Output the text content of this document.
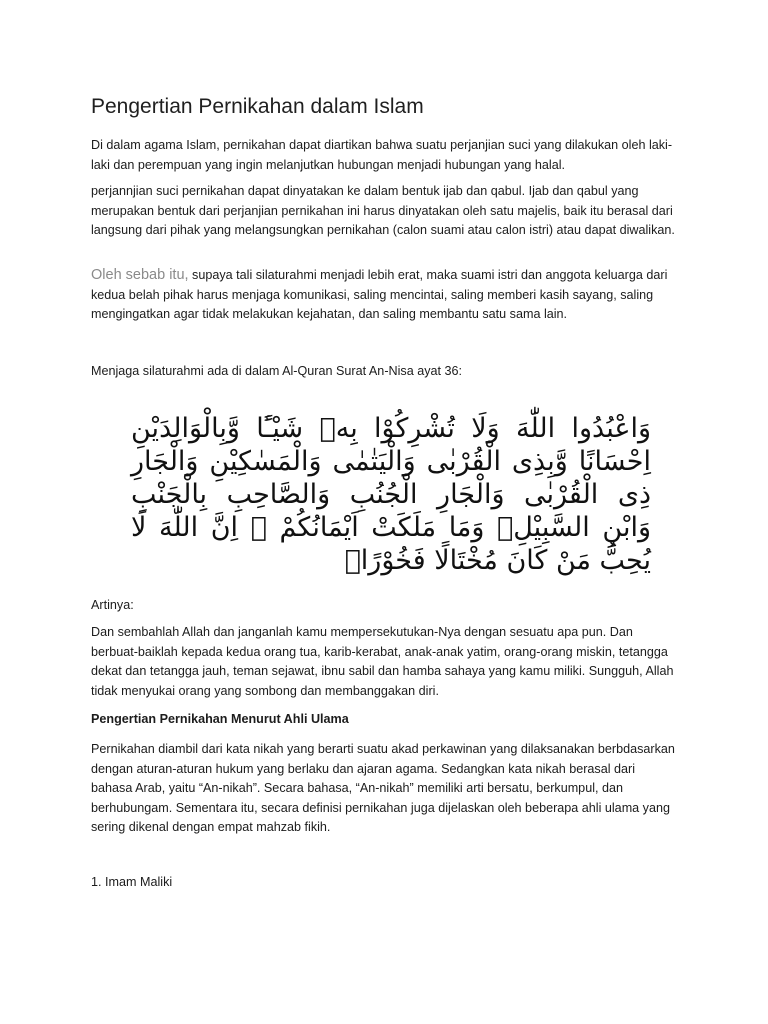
Pengertian Pernikahan dalam Islam
Di dalam agama Islam, pernikahan dapat diartikan bahwa suatu perjanjian suci yang dilakukan oleh laki-laki dan perempuan yang ingin melanjutkan hubungan menjadi hubungan yang halal.
perjannjian suci pernikahan dapat dinyatakan ke dalam bentuk ijab dan qabul. Ijab dan qabul yang merupakan bentuk dari perjanjian pernikahan ini harus dinyatakan oleh satu majelis, baik itu berasal dari langsung dari pihak yang melangsungkan pernikahan (calon suami atau calon istri) atau dapat diwalikan.
Oleh sebab itu, supaya tali silaturahmi menjadi lebih erat, maka suami istri dan anggota keluarga dari kedua belah pihak harus menjaga komunikasi, saling mencintai, saling memberi kasih sayang, saling mengingatkan agar tidak melakukan kejahatan, dan saling membantu satu sama lain.
Menjaga silaturahmi ada di dalam Al-Quran Surat An-Nisa ayat 36:
وَاعْبُدُوا اللّٰهَ وَلَا تُشْرِكُوْا بِهٖ شَيْـًٔا وَّبِالْوَالِدَيْنِ اِحْسَانًا وَّبِذِى الْقُرْبٰى وَالْيَتٰمٰى وَالْمَسٰكِيْنِ وَالْجَارِ ذِى الْقُرْبٰى وَالْجَارِ الْجُنُبِ وَالصَّاحِبِ بِالْجَنْبِ وَابْنِ السَّبِيْلِۙ وَمَا مَلَكَتْ اَيْمَانُكُمْ ۗ اِنَّ اللّٰهَ لَا يُحِبُّ مَنْ كَانَ مُخْتَالًا فَخُوْرًاۙ
Artinya:
Dan sembahlah Allah dan janganlah kamu mempersekutukan-Nya dengan sesuatu apa pun. Dan berbuat-baiklah kepada kedua orang tua, karib-kerabat, anak-anak yatim, orang-orang miskin, tetangga dekat dan tetangga jauh, teman sejawat, ibnu sabil dan hamba sahaya yang kamu miliki. Sungguh, Allah tidak menyukai orang yang sombong dan membanggakan diri.
Pengertian Pernikahan Menurut Ahli Ulama
Pernikahan diambil dari kata nikah yang berarti suatu akad perkawinan yang dilaksanakan berbdasarkan dengan aturan-aturan hukum yang berlaku dan ajaran agama. Sedangkan kata nikah berasal dari bahasa Arab, yaitu “An-nikah”. Secara bahasa, “An-nikah” memiliki arti bersatu, berkumpul, dan berhubungam. Sementara itu, secara definisi pernikahan juga dijelaskan oleh beberapa ahli ulama yang sering dikenal dengan empat mahzab fikih.
1. Imam Maliki
